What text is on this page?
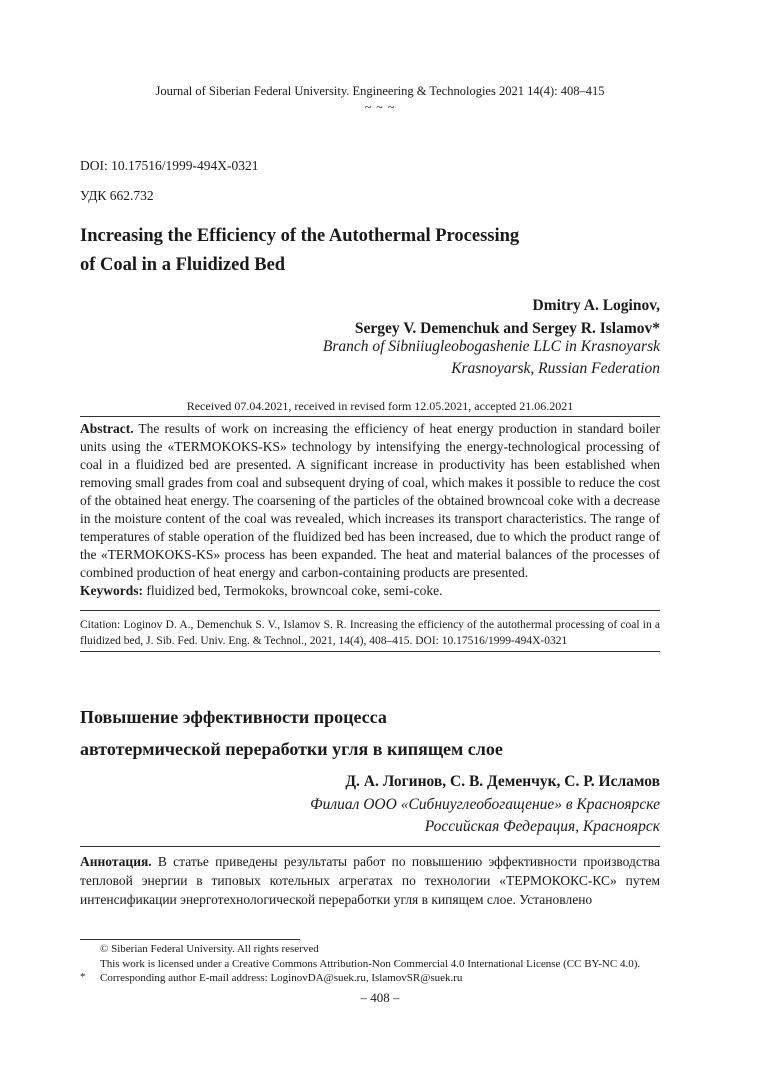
Journal of Siberian Federal University. Engineering & Technologies 2021 14(4): 408–415
~ ~ ~
DOI: 10.17516/1999-494X-0321
УДК 662.732
Increasing the Efficiency of the Autothermal Processing
of Coal in a Fluidized Bed
Dmitry A. Loginov,
Sergey V. Demenchuk and Sergey R. Islamov*
Branch of Sibniiugleobogashenie LLC in Krasnoyarsk
Krasnoyarsk, Russian Federation
Received 07.04.2021, received in revised form 12.05.2021, accepted 21.06.2021
Abstract. The results of work on increasing the efficiency of heat energy production in standard boiler units using the «TERMOKOKS-KS» technology by intensifying the energy-technological processing of coal in a fluidized bed are presented. A significant increase in productivity has been established when removing small grades from coal and subsequent drying of coal, which makes it possible to reduce the cost of the obtained heat energy. The coarsening of the particles of the obtained browncoal coke with a decrease in the moisture content of the coal was revealed, which increases its transport characteristics. The range of temperatures of stable operation of the fluidized bed has been increased, due to which the product range of the «TERMOKOKS-KS» process has been expanded. The heat and material balances of the processes of combined production of heat energy and carbon-containing products are presented.
Keywords: fluidized bed, Termokoks, browncoal coke, semi-coke.
Citation: Loginov D. A., Demenchuk S. V., Islamov S. R. Increasing the efficiency of the autothermal processing of coal in a fluidized bed, J. Sib. Fed. Univ. Eng. & Technol., 2021, 14(4), 408–415. DOI: 10.17516/1999-494X-0321
Повышение эффективности процесса
автотермической переработки угля в кипящем слое
Д. А. Логинов, С. В. Деменчук, С. Р. Исламов
Филиал ООО «Сибниуглеобогащение» в Красноярске
Российская Федерация, Красноярск
Аннотация. В статье приведены результаты работ по повышению эффективности производства тепловой энергии в типовых котельных агрегатах по технологии «ТЕРМОКОКС-КС» путем интенсификации энерготехнологической переработки угля в кипящем слое. Установлено
© Siberian Federal University. All rights reserved
This work is licensed under a Creative Commons Attribution-Non Commercial 4.0 International License (CC BY-NC 4.0).
* Corresponding author E-mail address: LoginovDA@suek.ru, IslamovSR@suek.ru
– 408 –
